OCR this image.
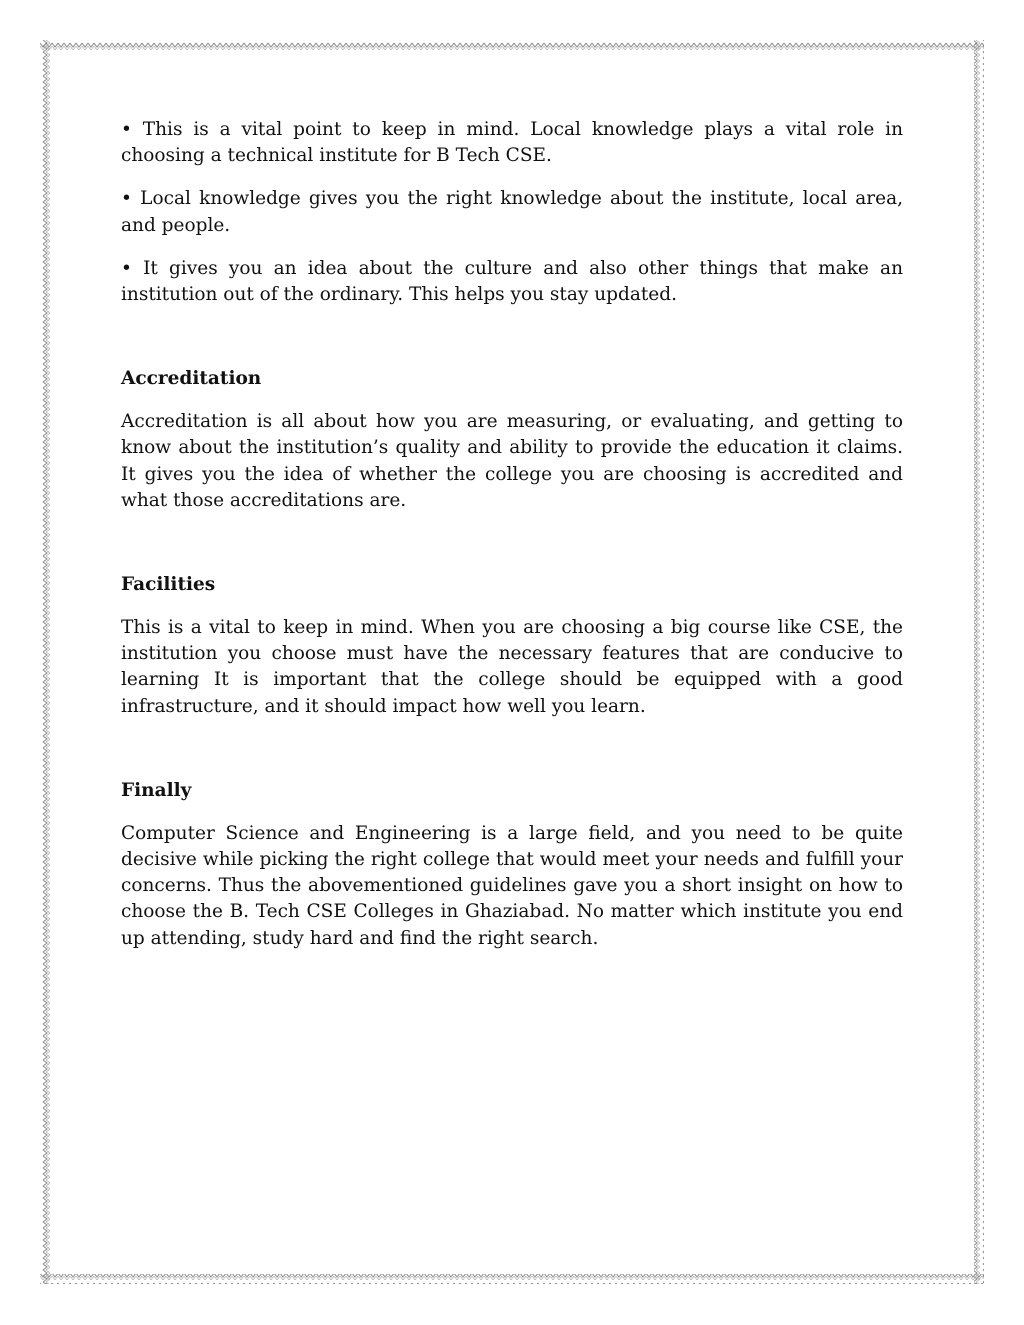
• This is a vital point to keep in mind. Local knowledge plays a vital role in choosing a technical institute for B Tech CSE.

• Local knowledge gives you the right knowledge about the institute, local area, and people.

• It gives you an idea about the culture and also other things that make an institution out of the ordinary. This helps you stay updated.

Accreditation

Accreditation is all about how you are measuring, or evaluating, and getting to know about the institution’s quality and ability to provide the education it claims. It gives you the idea of whether the college you are choosing is accredited and what those accreditations are.

Facilities

This is a vital to keep in mind. When you are choosing a big course like CSE, the institution you choose must have the necessary features that are conducive to learning It is important that the college should be equipped with a good infrastructure, and it should impact how well you learn.

Finally

Computer Science and Engineering is a large field, and you need to be quite decisive while picking the right college that would meet your needs and fulfill your concerns. Thus the abovementioned guidelines gave you a short insight on how to choose the B. Tech CSE Colleges in Ghaziabad. No matter which institute you end up attending, study hard and find the right search.
